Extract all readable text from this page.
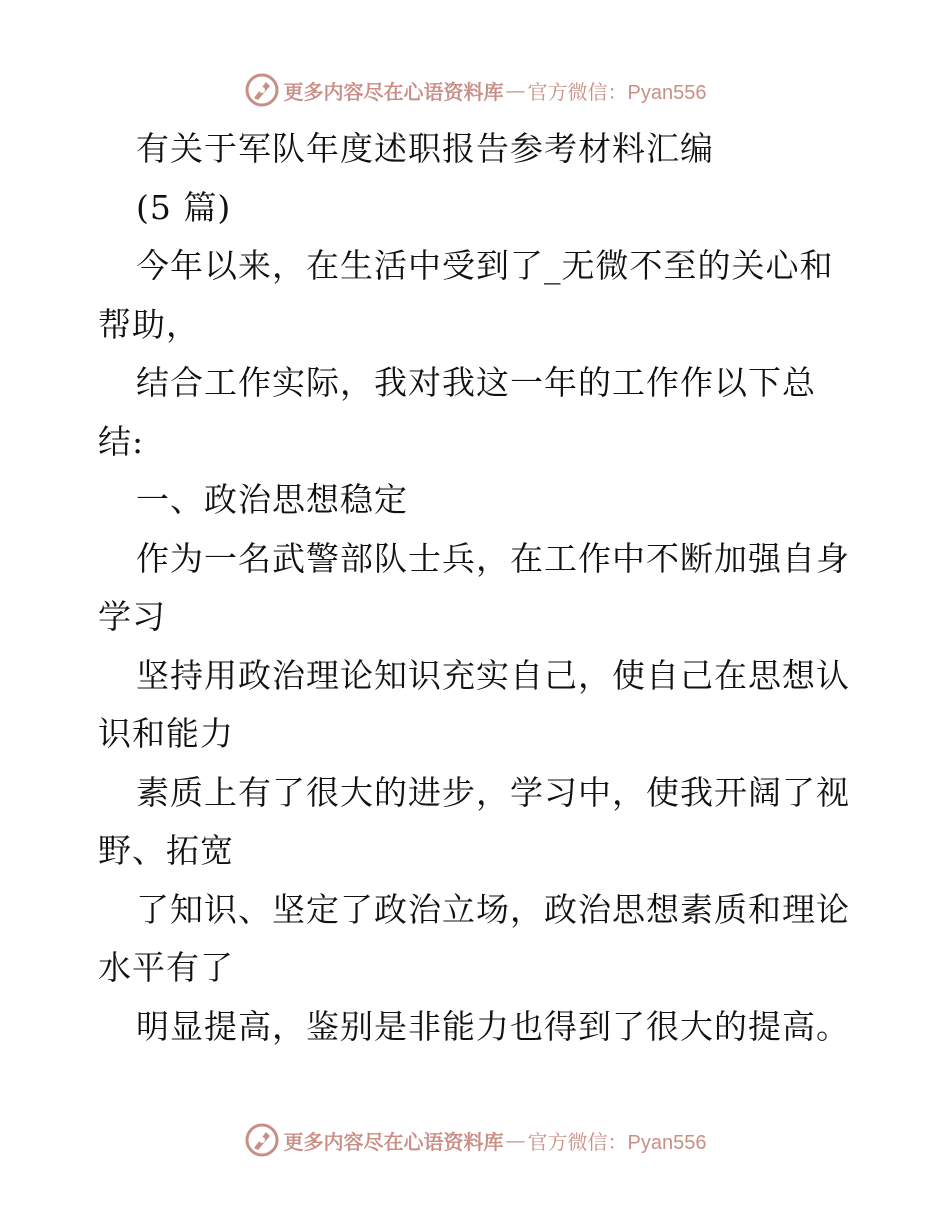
更多内容尽在心语资料库 — 官方微信：Pyan556
有关于军队年度述职报告参考材料汇编
(5 篇)
今年以来，在生活中受到了_无微不至的关心和
帮助，
结合工作实际，我对我这一年的工作作以下总
结:
一、政治思想稳定
作为一名武警部队士兵，在工作中不断加强自身
学习
坚持用政治理论知识充实自己，使自己在思想认
识和能力
素质上有了很大的进步，学习中，使我开阔了视
野、拓宽
了知识、坚定了政治立场，政治思想素质和理论
水平有了
明显提高，鉴别是非能力也得到了很大的提高。
更多内容尽在心语资料库 — 官方微信：Pyan556
